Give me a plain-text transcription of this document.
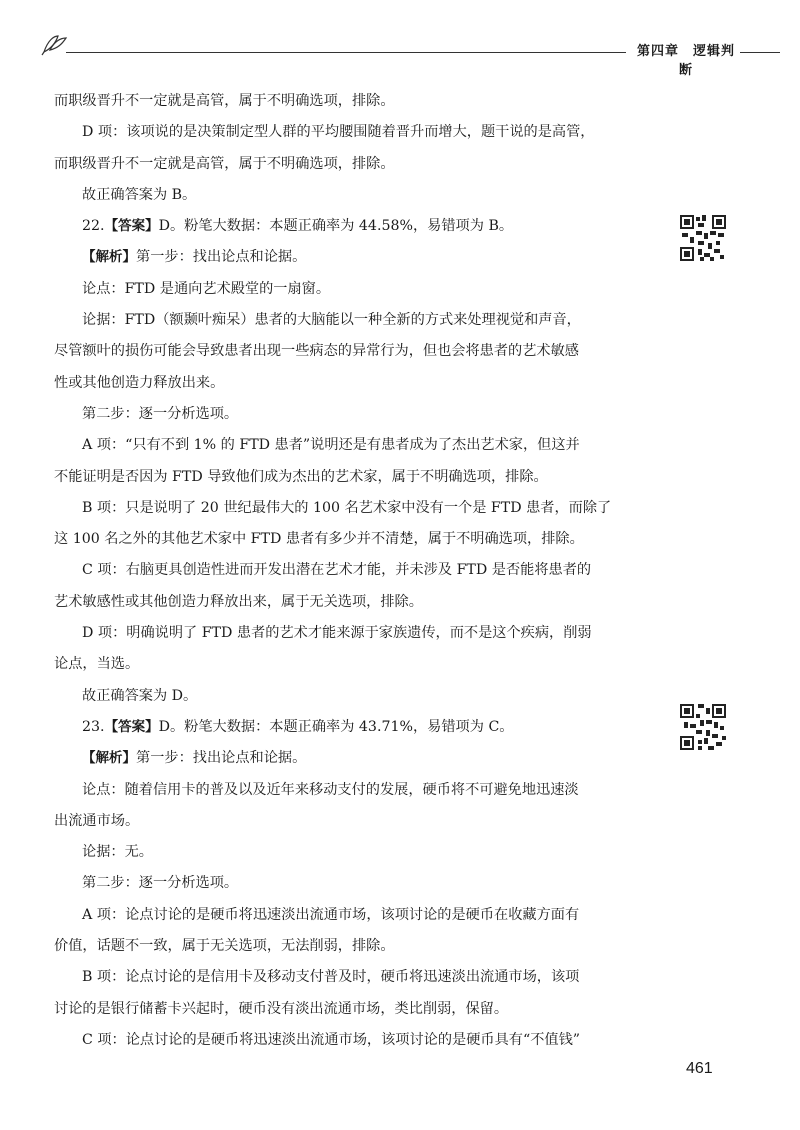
第四章　逻辑判断

而职级晋升不一定就是高管，属于不明确选项，排除。

D 项：该项说的是决策制定型人群的平均腰围随着晋升而增大，题干说的是高管，

而职级晋升不一定就是高管，属于不明确选项，排除。

故正确答案为 B。

22.【答案】D。粉笔大数据：本题正确率为 44.58%，易错项为 B。

【解析】第一步：找出论点和论据。

论点：FTD 是通向艺术殿堂的一扇窗。

论据：FTD（额颞叶痴呆）患者的大脑能以一种全新的方式来处理视觉和声音，

尽管额叶的损伤可能会导致患者出现一些病态的异常行为，但也会将患者的艺术敏感

性或其他创造力释放出来。

第二步：逐一分析选项。

A 项：“只有不到 1% 的 FTD 患者”说明还是有患者成为了杰出艺术家，但这并

不能证明是否因为 FTD 导致他们成为杰出的艺术家，属于不明确选项，排除。

B 项：只是说明了 20 世纪最伟大的 100 名艺术家中没有一个是 FTD 患者，而除了

这 100 名之外的其他艺术家中 FTD 患者有多少并不清楚，属于不明确选项，排除。

C 项：右脑更具创造性进而开发出潜在艺术才能，并未涉及 FTD 是否能将患者的

艺术敏感性或其他创造力释放出来，属于无关选项，排除。

D 项：明确说明了 FTD 患者的艺术才能来源于家族遗传，而不是这个疾病，削弱

论点，当选。

故正确答案为 D。

23.【答案】D。粉笔大数据：本题正确率为 43.71%，易错项为 C。

【解析】第一步：找出论点和论据。

论点：随着信用卡的普及以及近年来移动支付的发展，硬币将不可避免地迅速淡

出流通市场。

论据：无。

第二步：逐一分析选项。

A 项：论点讨论的是硬币将迅速淡出流通市场，该项讨论的是硬币在收藏方面有

价值，话题不一致，属于无关选项，无法削弱，排除。

B 项：论点讨论的是信用卡及移动支付普及时，硬币将迅速淡出流通市场，该项

讨论的是银行储蓄卡兴起时，硬币没有淡出流通市场，类比削弱，保留。

C 项：论点讨论的是硬币将迅速淡出流通市场，该项讨论的是硬币具有“不值钱”

461
